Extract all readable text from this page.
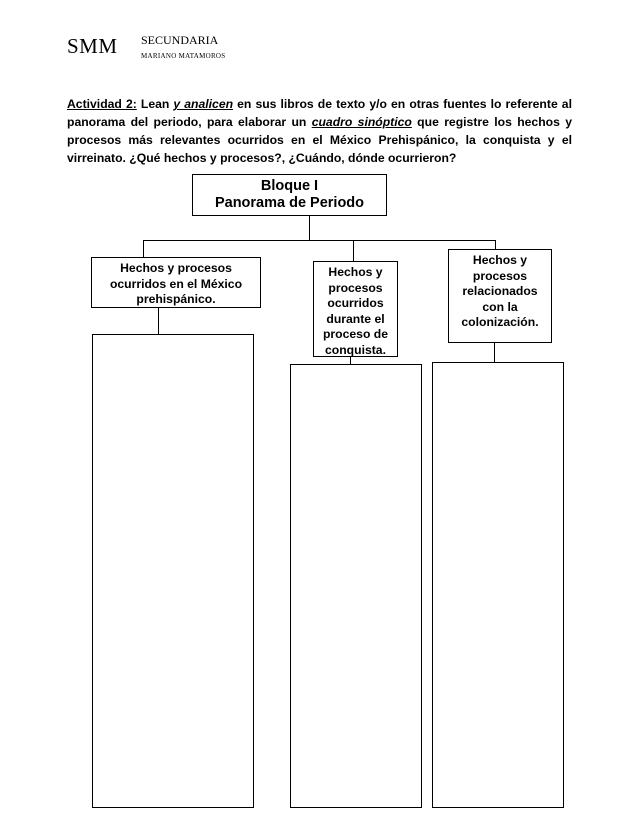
SMM SECUNDARIA
MARIANO MATAMOROS
Actividad 2: Lean y analicen en sus libros de texto y/o en otras fuentes lo referente al panorama del periodo, para elaborar un cuadro sinóptico que registre los hechos y procesos más relevantes ocurridos en el México Prehispánico, la conquista y el virreinato. ¿Qué hechos y procesos?, ¿Cuándo, dónde ocurrieron?
Bloque I
Panorama de Periodo
Hechos y procesos ocurridos en el México prehispánico.
Hechos y procesos ocurridos durante el proceso de conquista.
Hechos y procesos relacionados con la colonización.
